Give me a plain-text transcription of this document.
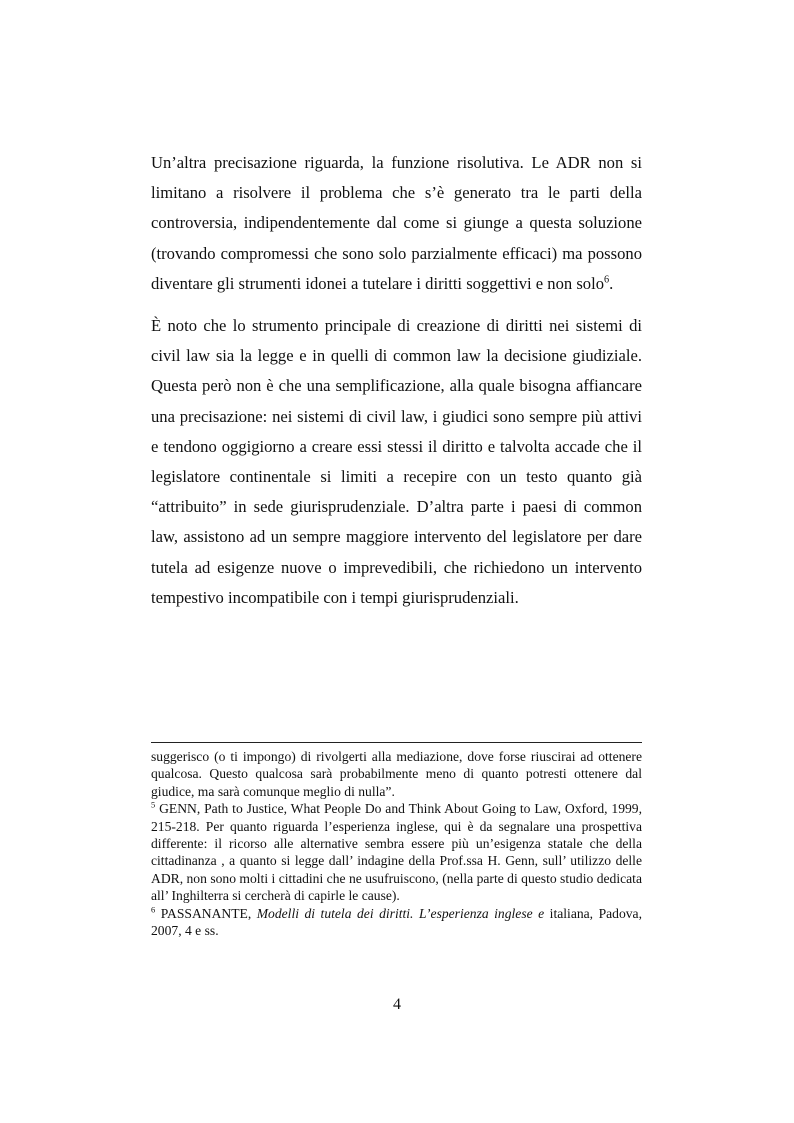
Un’altra precisazione riguarda, la funzione risolutiva. Le ADR non si limitano a risolvere il problema che s’è generato tra le parti della controversia, indipendentemente dal come si giunge a questa soluzione (trovando compromessi che sono solo parzialmente efficaci) ma possono diventare gli strumenti idonei a tutelare i diritti soggettivi e non solo$^6$.

È noto che lo strumento principale di creazione di diritti nei sistemi di civil law sia la legge e in quelli di common law la decisione giudiziale. Questa però non è che una semplificazione, alla quale bisogna affiancare una precisazione: nei sistemi di civil law, i giudici sono sempre più attivi e tendono oggigiorno a creare essi stessi il diritto e talvolta accade che il legislatore continentale si limiti a recepire con un testo quanto già “attribuito” in sede giurisprudenziale. D’altra parte i paesi di common law, assistono ad un sempre maggiore intervento del legislatore per dare tutela ad esigenze nuove o imprevedibili, che richiedono un intervento tempestivo incompatibile con i tempi giurisprudenziali.

suggerisco (o ti impongo) di rivolgerti alla mediazione, dove forse riuscirai ad ottenere qualcosa. Questo qualcosa sarà probabilmente meno di quanto potresti ottenere dal giudice, ma sarà comunque meglio di nulla”.

$^5$ GENN, Path to Justice, What People Do and Think About Going to Law, Oxford, 1999, 215-218. Per quanto riguarda l’esperienza inglese, qui è da segnalare una prospettiva differente: il ricorso alle alternative sembra essere più un’esigenza statale che della cittadinanza , a quanto si legge dall’ indagine della Prof.ssa H. Genn, sull’ utilizzo delle ADR, non sono molti i cittadini che ne usufruiscono, (nella parte di questo studio dedicata all’ Inghilterra si cercherà di capirle le cause).

$^6$ PASSANANTE, Modelli di tutela dei diritti. L’esperienza inglese e italiana, Padova, 2007, 4 e ss.

4
